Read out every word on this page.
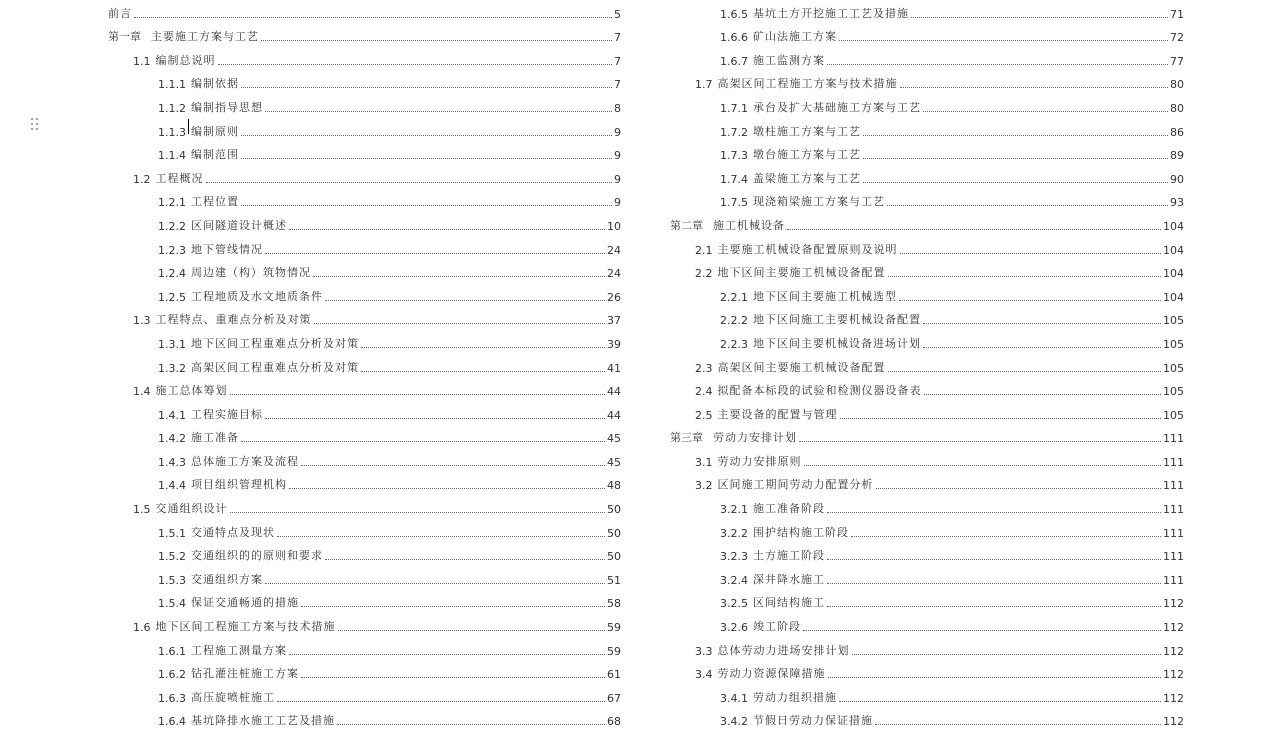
前言	5
第一章 主要施工方案与工艺	7
1.1 编制总说明	7
1.1.1 编制依据	7
1.1.2 编制指导思想	8
1.1.3 编制原则	9
1.1.4 编制范围	9
1.2 工程概况	9
1.2.1 工程位置	9
1.2.2 区间隧道设计概述	10
1.2.3 地下管线情况	24
1.2.4 周边建（构）筑物情况	24
1.2.5 工程地质及水文地质条件	26
1.3 工程特点、重难点分析及对策	37
1.3.1 地下区间工程重难点分析及对策	39
1.3.2 高架区间工程重难点分析及对策	41
1.4 施工总体筹划	44
1.4.1 工程实施目标	44
1.4.2 施工准备	45
1.4.3 总体施工方案及流程	45
1.4.4 项目组织管理机构	48
1.5 交通组织设计	50
1.5.1 交通特点及现状	50
1.5.2 交通组织的的原则和要求	50
1.5.3 交通组织方案	51
1.5.4 保证交通畅通的措施	58
1.6 地下区间工程施工方案与技术措施	59
1.6.1 工程施工测量方案	59
1.6.2 钻孔灌注桩施工方案	61
1.6.3 高压旋喷桩施工	67
1.6.4 基坑降排水施工工艺及措施	68
1.6.5 基坑土方开挖施工工艺及措施	71
1.6.6 矿山法施工方案	72
1.6.7 施工监测方案	77
1.7 高架区间工程施工方案与技术措施	80
1.7.1 承台及扩大基础施工方案与工艺	80
1.7.2 墩柱施工方案与工艺	86
1.7.3 墩台施工方案与工艺	89
1.7.4 盖梁施工方案与工艺	90
1.7.5 现浇箱梁施工方案与工艺	93
第二章 施工机械设备	104
2.1 主要施工机械设备配置原则及说明	104
2.2 地下区间主要施工机械设备配置	104
2.2.1 地下区间主要施工机械选型	104
2.2.2 地下区间施工主要机械设备配置	105
2.2.3 地下区间主要机械设备进场计划	105
2.3 高架区间主要施工机械设备配置	105
2.4 拟配备本标段的试验和检测仪器设备表	105
2.5 主要设备的配置与管理	105
第三章 劳动力安排计划	111
3.1 劳动力安排原则	111
3.2 区间施工期间劳动力配置分析	111
3.2.1 施工准备阶段	111
3.2.2 围护结构施工阶段	111
3.2.3 土方施工阶段	111
3.2.4 深井降水施工	111
3.2.5 区间结构施工	112
3.2.6 竣工阶段	112
3.3 总体劳动力进场安排计划	112
3.4 劳动力资源保障措施	112
3.4.1 劳动力组织措施	112
3.4.2 节假日劳动力保证措施	112
